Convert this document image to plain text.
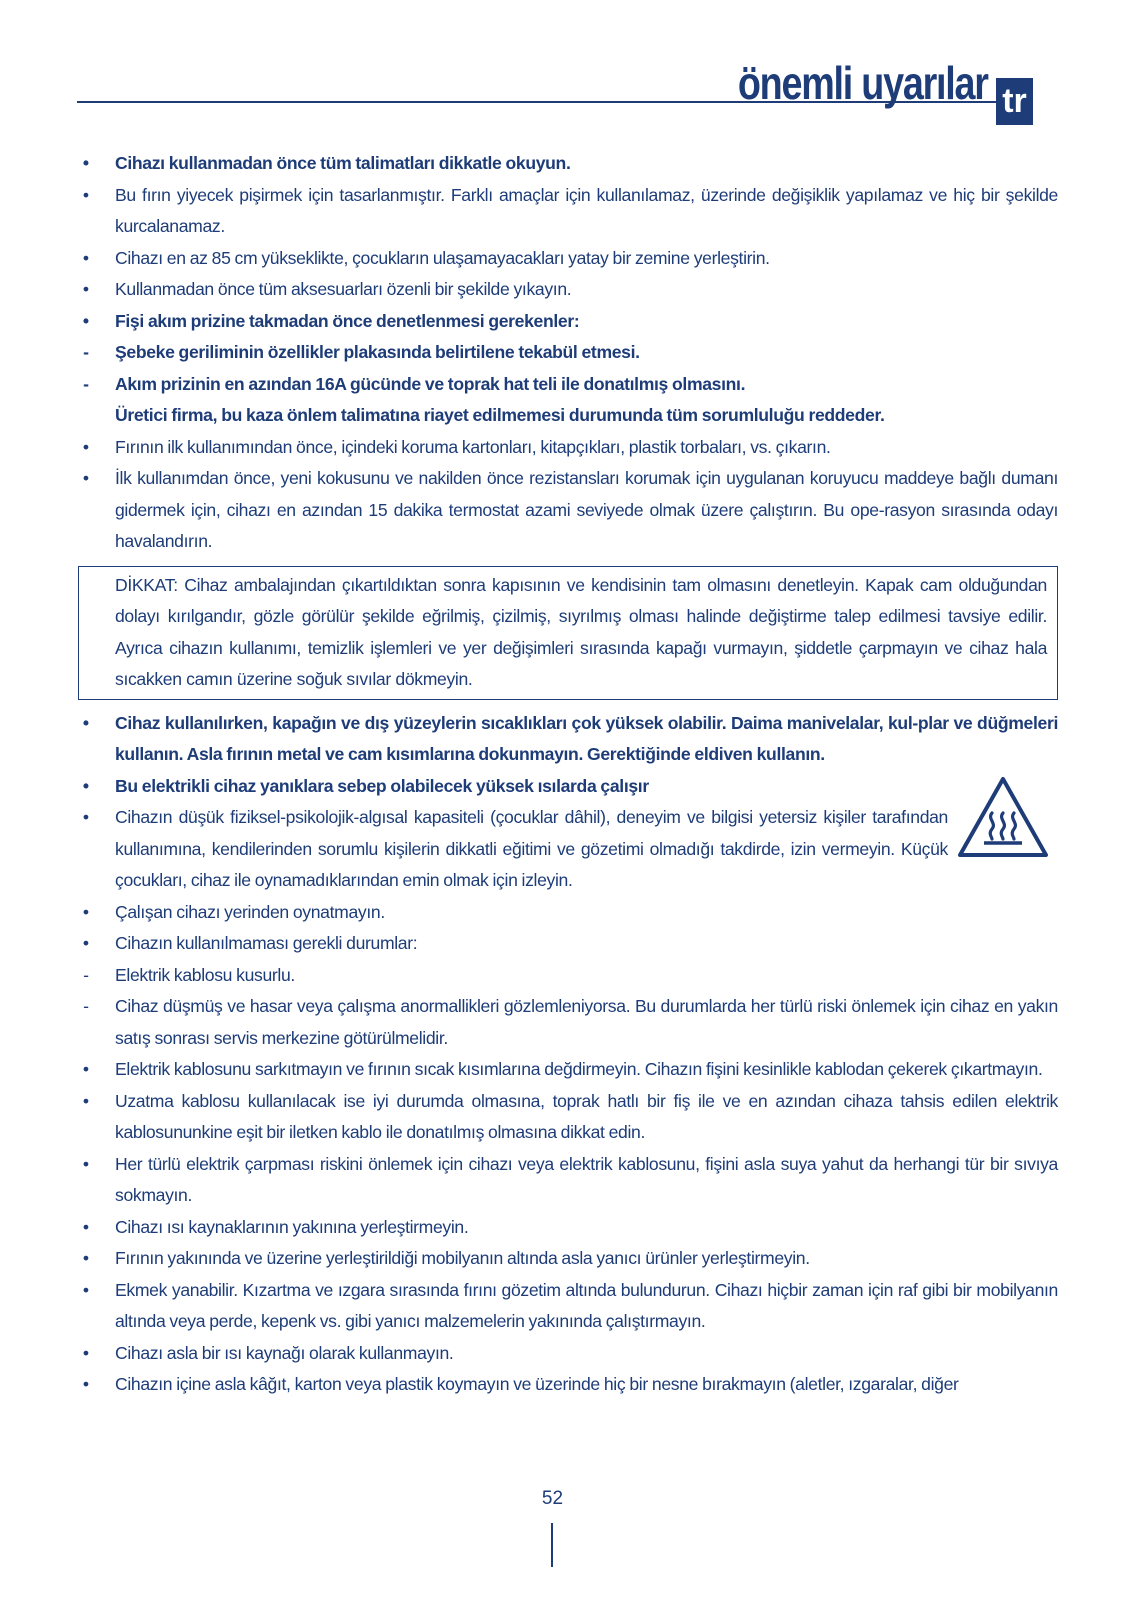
önemli uyarılar tr
• Cihazı kullanmadan önce tüm talimatları dikkatle okuyun.
• Bu fırın yiyecek pişirmek için tasarlanmıştır. Farklı amaçlar için kullanılamaz, üzerinde değişiklik yapılamaz ve hiç bir şekilde kurcalanamaz.
• Cihazı en az 85 cm yükseklikte, çocukların ulaşamayacakları yatay bir zemine yerleştirin.
• Kullanmadan önce tüm aksesuarları özenli bir şekilde yıkayın.
• Fişi akım prizine takmadan önce denetlenmesi gerekenler:
- Şebeke geriliminin özellikler plakasında belirtilene tekabül etmesi.
- Akım prizinin en azından 16A gücünde ve toprak hat teli ile donatılmış olmasını.
Üretici firma, bu kaza önlem talimatına riayet edilmemesi durumunda tüm sorumluluğu reddeder.
• Fırının ilk kullanımından önce, içindeki koruma kartonları, kitapçıkları, plastik torbaları, vs. çıkarın.
• İlk kullanımdan önce, yeni kokusunu ve nakilden önce rezistansları korumak için uygulanan koruyucu maddeye bağlı dumanı gidermek için, cihazı en azından 15 dakika termostat azami seviyede olmak üzere çalıştırın. Bu ope-rasyon sırasında odayı havalandırın.
DİKKAT: Cihaz ambalajından çıkartıldıktan sonra kapısının ve kendisinin tam olmasını denetleyin. Kapak cam olduğundan dolayı kırılgandır, gözle görülür şekilde eğrilmiş, çizilmiş, sıyrılmış olması halinde değiştirme talep edilmesi tavsiye edilir. Ayrıca cihazın kullanımı, temizlik işlemleri ve yer değişimleri sırasında kapağı vurmayın, şiddetle çarpmayın ve cihaz hala sıcakken camın üzerine soğuk sıvılar dökmeyin.
• Cihaz kullanılırken, kapağın ve dış yüzeylerin sıcaklıkları çok yüksek olabilir. Daima manivelalar, kul-plar ve düğmeleri kullanın. Asla fırının metal ve cam kısımlarına dokunmayın. Gerektiğinde eldiven kullanın.
• Bu elektrikli cihaz yanıklara sebep olabilecek yüksek ısılarda çalışır
• Cihazın düşük fiziksel-psikolojik-algısal kapasiteli (çocuklar dâhil), deneyim ve bilgisi yetersiz kişiler tarafından kullanımına, kendilerinden sorumlu kişilerin dikkatli eğitimi ve gözetimi olmadığı takdirde, izin vermeyin. Küçük çocukları, cihaz ile oynamadıklarından emin olmak için izleyin.
• Çalışan cihazı yerinden oynatmayın.
• Cihazın kullanılmaması gerekli durumlar:
- Elektrik kablosu kusurlu.
- Cihaz düşmüş ve hasar veya çalışma anormallikleri gözlemleniyorsa. Bu durumlarda her türlü riski önlemek için cihaz en yakın satış sonrası servis merkezine götürülmelidir.
• Elektrik kablosunu sarkıtmayın ve fırının sıcak kısımlarına değdirmeyin. Cihazın fişini kesinlikle kablodan çekerek çıkartmayın.
• Uzatma kablosu kullanılacak ise iyi durumda olmasına, toprak hatlı bir fiş ile ve en azından cihaza tahsis edilen elektrik kablosununkine eşit bir iletken kablo ile donatılmış olmasına dikkat edin.
• Her türlü elektrik çarpması riskini önlemek için cihazı veya elektrik kablosunu, fişini asla suya yahut da herhangi tür bir sıvıya sokmayın.
• Cihazı ısı kaynaklarının yakınına yerleştirmeyin.
• Fırının yakınında ve üzerine yerleştirildiği mobilyanın altında asla yanıcı ürünler yerleştirmeyin.
• Ekmek yanabilir. Kızartma ve ızgara sırasında fırını gözetim altında bulundurun. Cihazı hiçbir zaman için raf gibi bir mobilyanın altında veya perde, kepenk vs. gibi yanıcı malzemelerin yakınında çalıştırmayın.
• Cihazı asla bir ısı kaynağı olarak kullanmayın.
• Cihazın içine asla kâğıt, karton veya plastik koymayın ve üzerinde hiç bir nesne bırakmayın (aletler, ızgaralar, diğer
52
